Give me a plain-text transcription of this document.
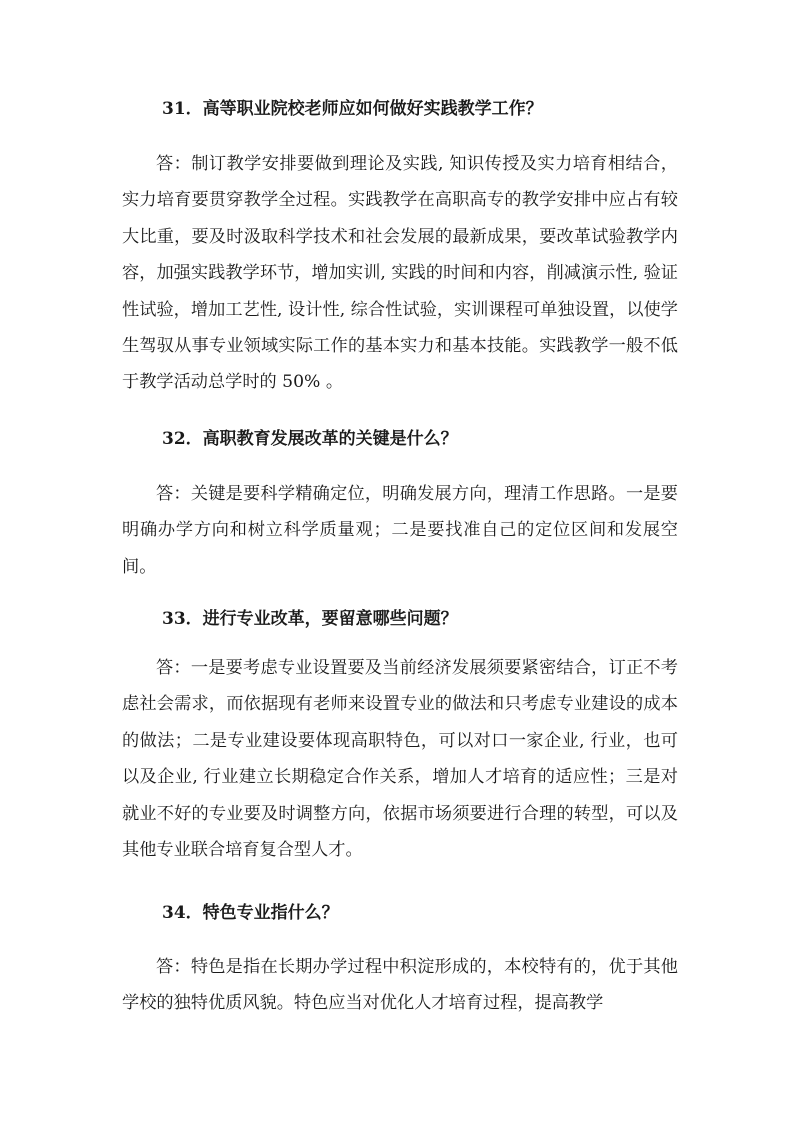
31．高等职业院校老师应如何做好实践教学工作？

答：制订教学安排要做到理论及实践, 知识传授及实力培育相结合，实力培育要贯穿教学全过程。实践教学在高职高专的教学安排中应占有较大比重，要及时汲取科学技术和社会发展的最新成果，要改革试验教学内容，加强实践教学环节，增加实训, 实践的时间和内容，削减演示性, 验证性试验，增加工艺性, 设计性, 综合性试验，实训课程可单独设置，以使学生驾驭从事专业领域实际工作的基本实力和基本技能。实践教学一般不低于教学活动总学时的 50% 。

32．高职教育发展改革的关键是什么？

答：关键是要科学精确定位，明确发展方向，理清工作思路。一是要明确办学方向和树立科学质量观；二是要找准自己的定位区间和发展空间。

33．进行专业改革，要留意哪些问题？

答：一是要考虑专业设置要及当前经济发展须要紧密结合，订正不考虑社会需求，而依据现有老师来设置专业的做法和只考虑专业建设的成本的做法；二是专业建设要体现高职特色，可以对口一家企业, 行业，也可以及企业, 行业建立长期稳定合作关系，增加人才培育的适应性；三是对就业不好的专业要及时调整方向，依据市场须要进行合理的转型，可以及其他专业联合培育复合型人才。

34．特色专业指什么？

答：特色是指在长期办学过程中积淀形成的，本校特有的，优于其他学校的独特优质风貌。特色应当对优化人才培育过程，提高教学
